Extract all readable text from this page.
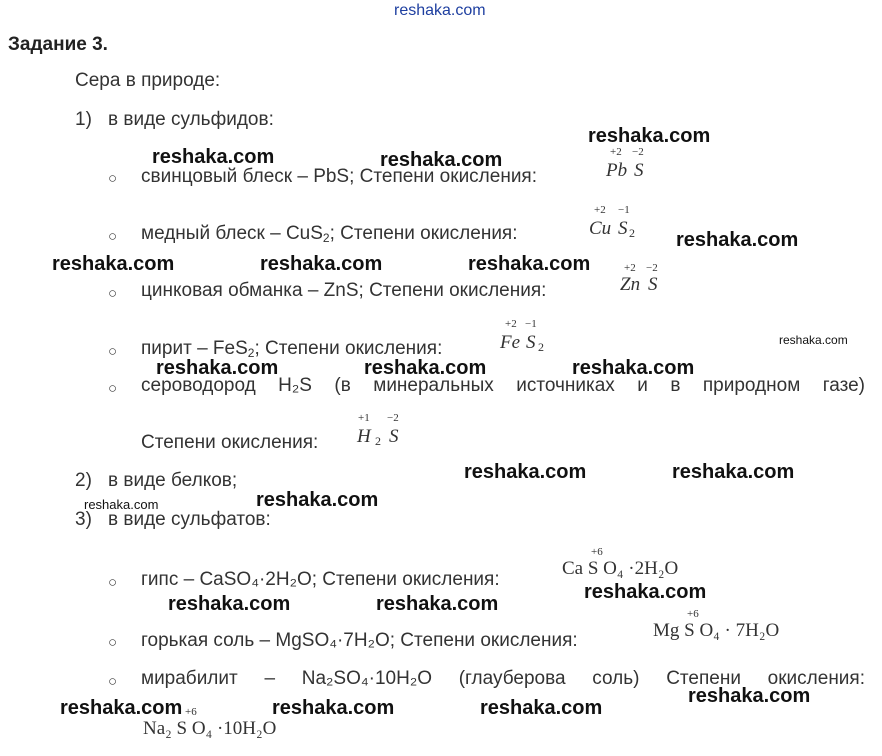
reshaka.com
Задание 3.
Сера в природе:
1) в виде сульфидов:
○ свинцовый блеск – PbS; Степени окисления:
+2 −2
Pb S
○ медный блеск – CuS$_2$; Степени окисления:
+2 −1
Cu S 2
○ цинковая обманка – ZnS; Степени окисления:
+2 −2
Zn S
○ пирит – FeS$_2$; Степени окисления:
+2 −1
Fe S 2
○ сероводород H₂S (в минеральных источниках и в природном газе)
Степени окисления:
+1 −2
H 2 S
2) в виде белков;
3) в виде сульфатов:
○ гипс – CaSO₄·2H₂O; Степени окисления:
+6
Ca S O₄ ·2H₂O
○ горькая соль – MgSO₄·7H₂O; Степени окисления:
+6
Mg S O₄ · 7H₂O
○ мирабилит – Na₂SO₄·10H₂O (глауберова соль) Степени окисления:
+6
Na₂ S O₄ ·10H₂O
reshaka.com
reshaka.com	reshaka.com
reshaka.com
reshaka.com	reshaka.com	reshaka.com
reshaka.com
reshaka.com	reshaka.com	reshaka.com
reshaka.com	reshaka.com
reshaka.com	reshaka.com
reshaka.com
reshaka.com	reshaka.com
reshaka.com
reshaka.com	reshaka.com	reshaka.com
